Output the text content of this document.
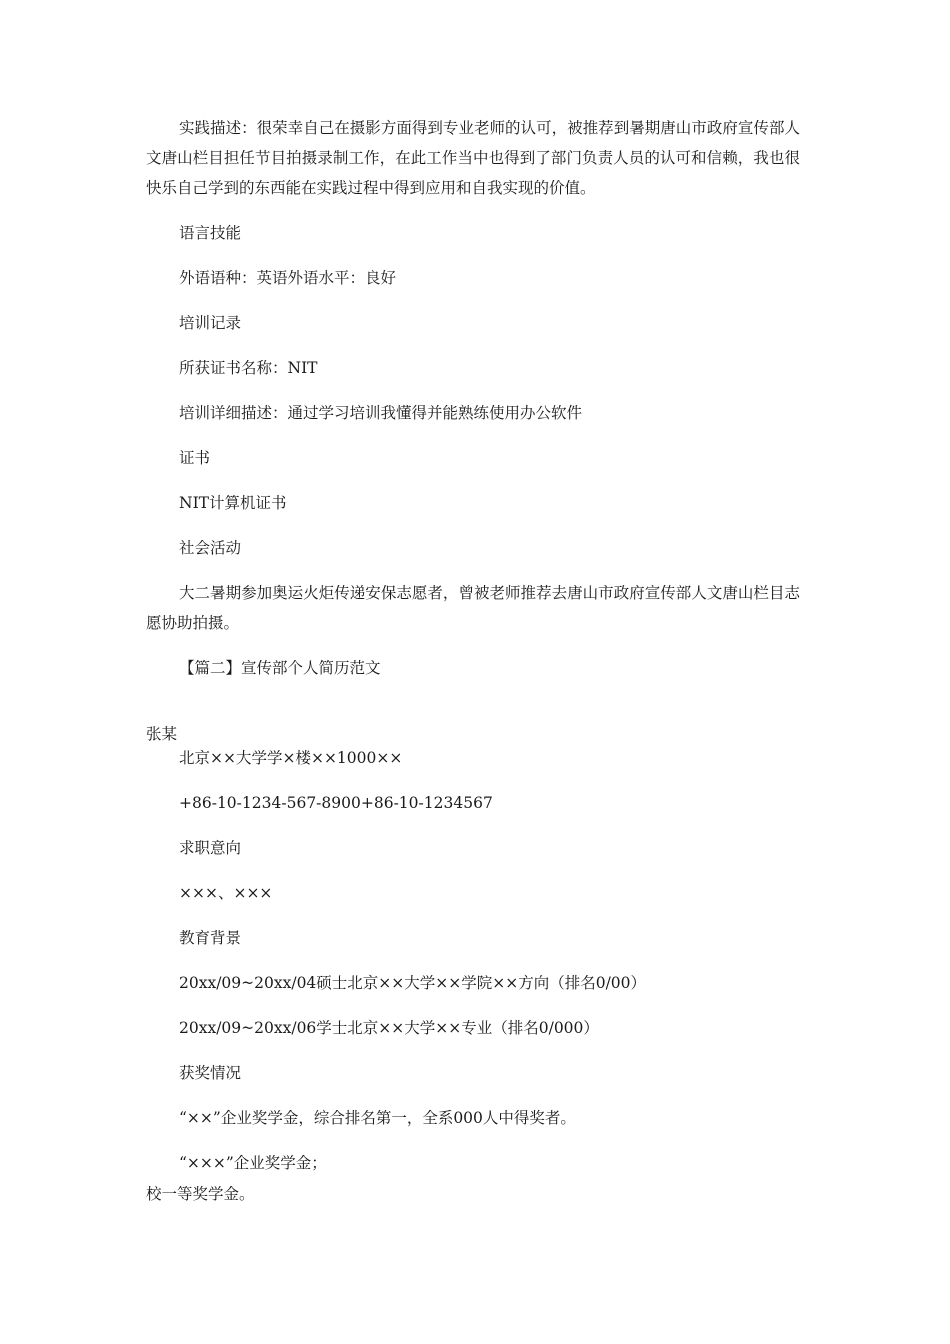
实践描述：很荣幸自己在摄影方面得到专业老师的认可，被推荐到暑期唐山市政府宣传部人文唐山栏目担任节目拍摄录制工作，在此工作当中也得到了部门负责人员的认可和信赖，我也很快乐自己学到的东西能在实践过程中得到应用和自我实现的价值。

语言技能

外语语种：英语外语水平：良好

培训记录

所获证书名称：NIT

培训详细描述：通过学习培训我懂得并能熟练使用办公软件

证书

NIT计算机证书

社会活动

大二暑期参加奥运火炬传递安保志愿者，曾被老师推荐去唐山市政府宣传部人文唐山栏目志愿协助拍摄。

【篇二】宣传部个人简历范文

张某

北京××大学学×楼××1000××

+86-10-1234-567-8900+86-10-1234567

求职意向

×××、×××

教育背景

20xx/09~20xx/04硕士北京××大学××学院××方向（排名0/00）

20xx/09~20xx/06学士北京××大学××专业（排名0/000）

获奖情况

“××”企业奖学金，综合排名第一，全系000人中得奖者。

“×××”企业奖学金；

校一等奖学金。
